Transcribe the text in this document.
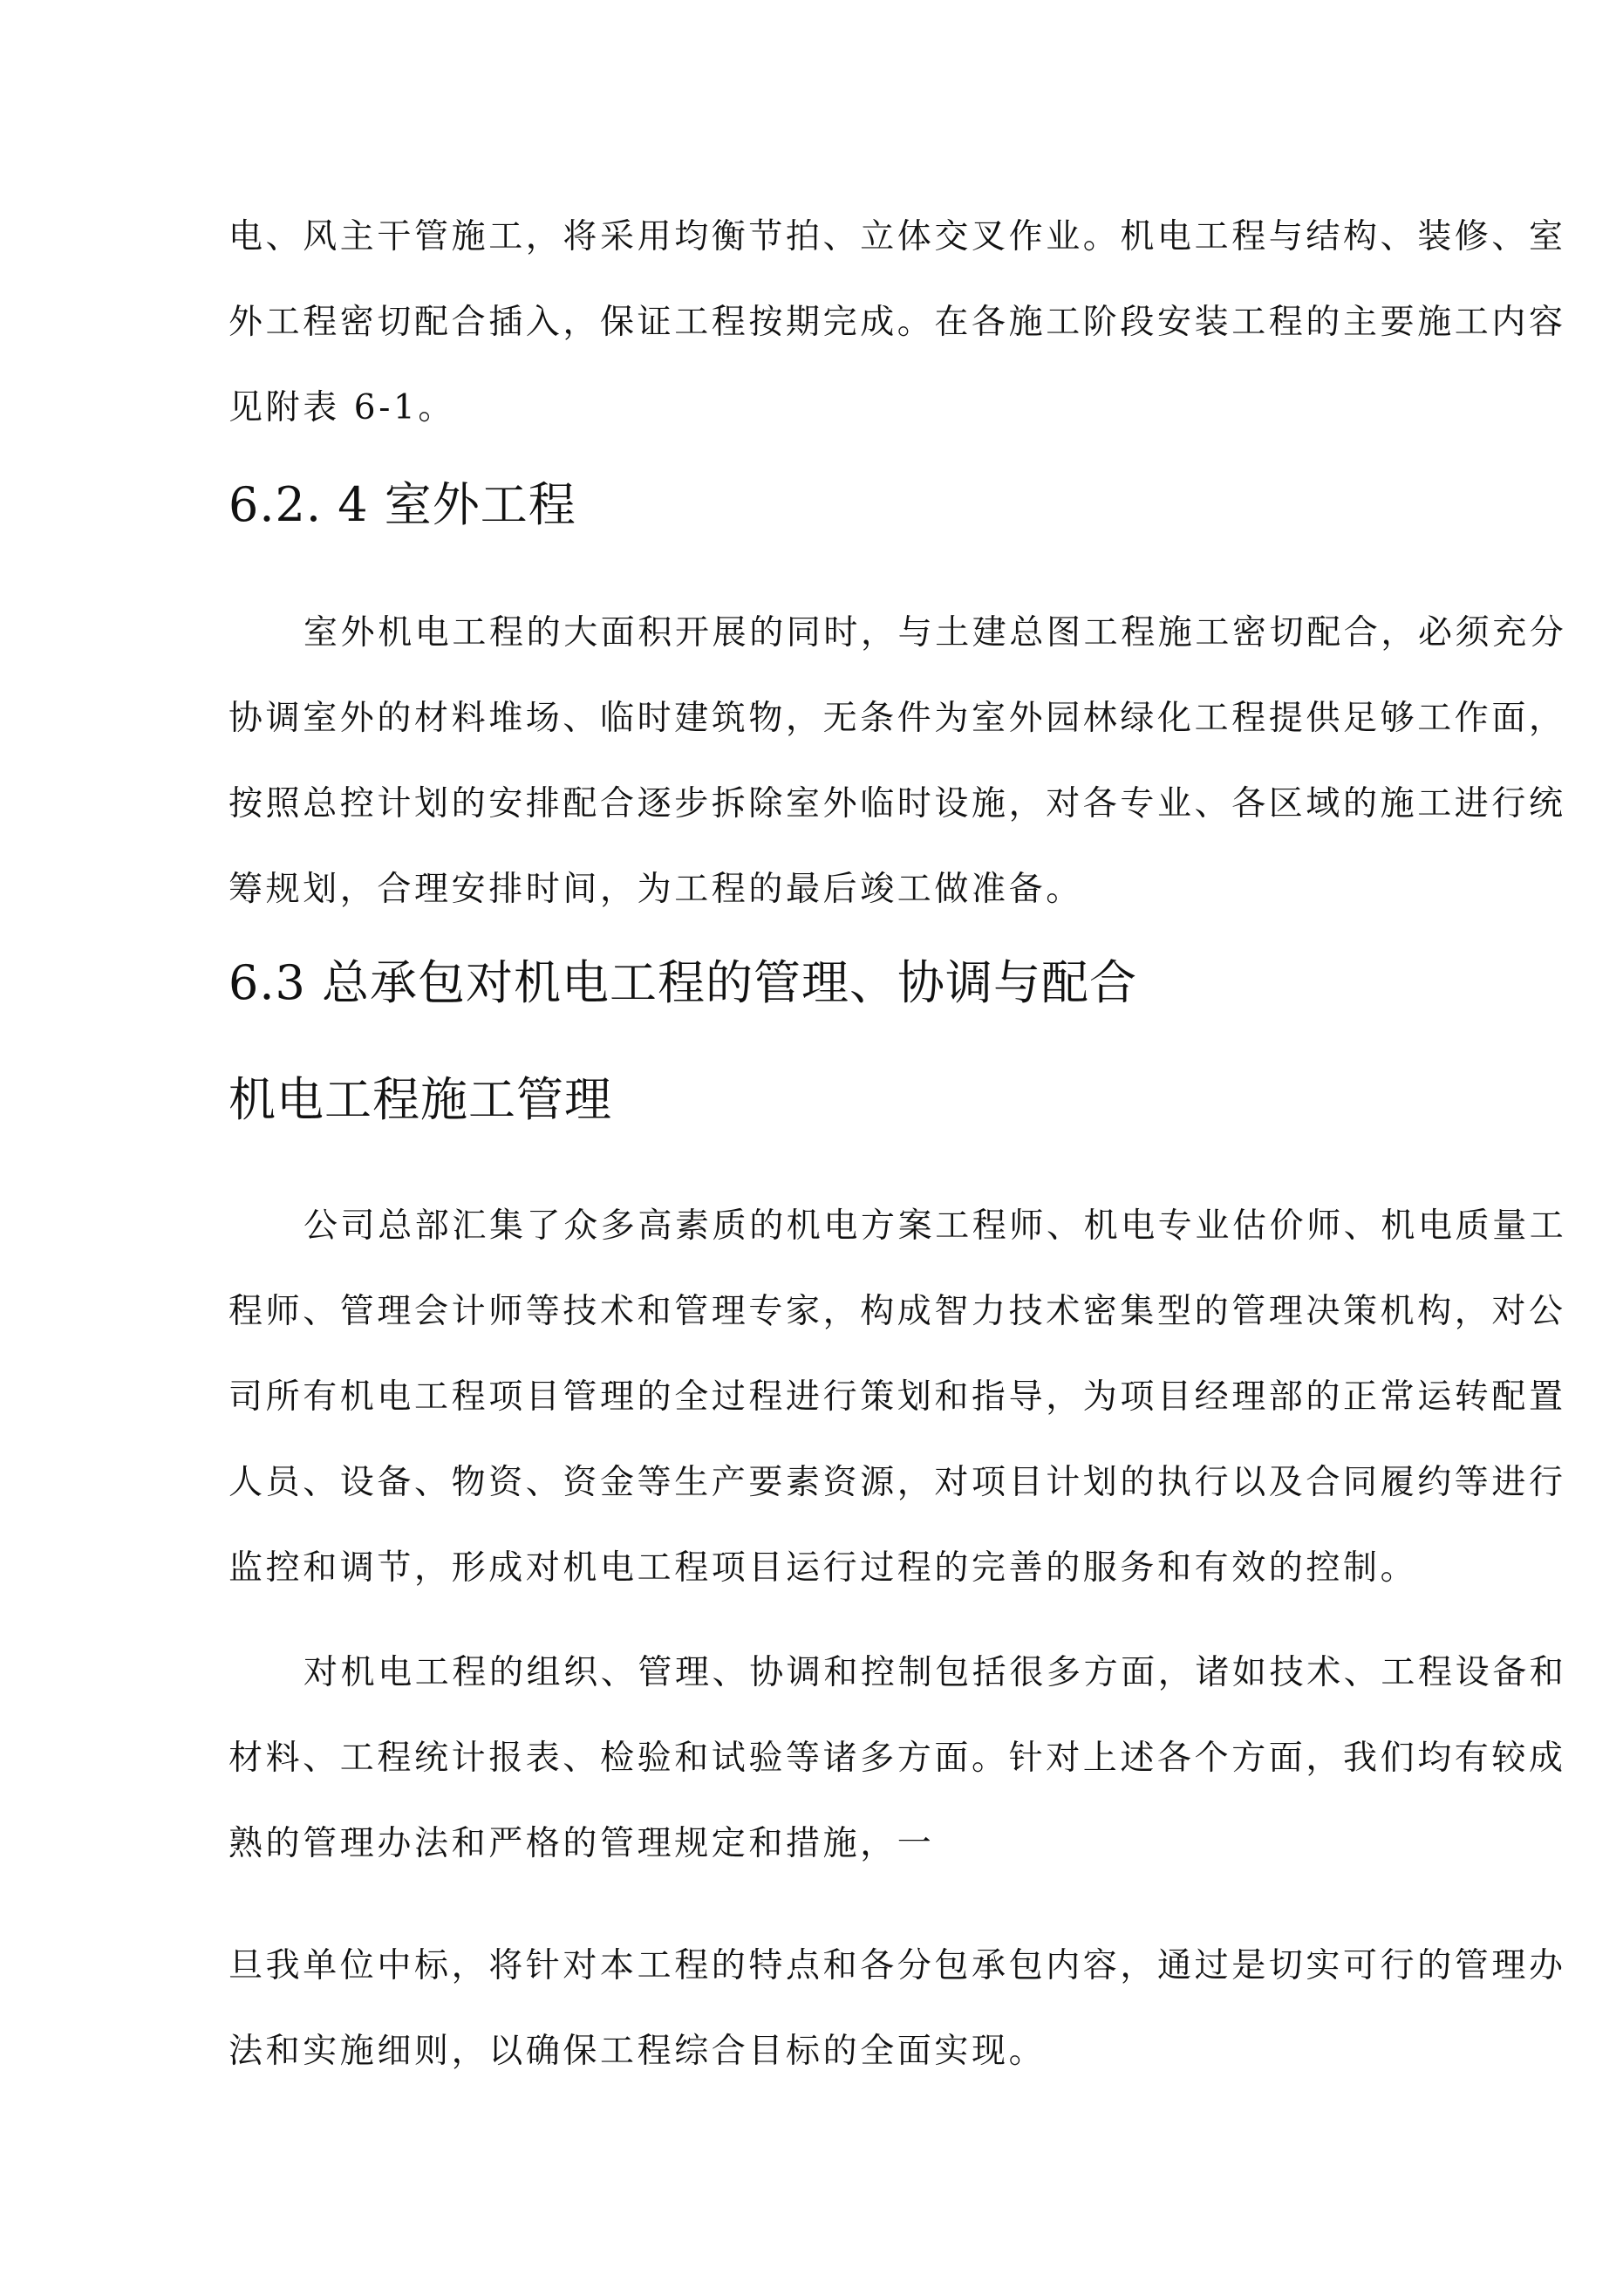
电、风主干管施工，将采用均衡节拍、立体交叉作业。机电工程与结构、装修、室
外工程密切配合插入，保证工程按期完成。在各施工阶段安装工程的主要施工内容
见附表 6-1。
6.2. 4 室外工程
室外机电工程的大面积开展的同时，与土建总图工程施工密切配合，必须充分
协调室外的材料堆场、临时建筑物，无条件为室外园林绿化工程提供足够工作面，
按照总控计划的安排配合逐步拆除室外临时设施，对各专业、各区域的施工进行统
筹规划，合理安排时间，为工程的最后竣工做准备。
6.3 总承包对机电工程的管理、协调与配合
机电工程施工管理
公司总部汇集了众多高素质的机电方案工程师、机电专业估价师、机电质量工
程师、管理会计师等技术和管理专家，构成智力技术密集型的管理决策机构，对公
司所有机电工程项目管理的全过程进行策划和指导，为项目经理部的正常运转配置
人员、设备、物资、资金等生产要素资源，对项目计划的执行以及合同履约等进行
监控和调节，形成对机电工程项目运行过程的完善的服务和有效的控制。
对机电工程的组织、管理、协调和控制包括很多方面，诸如技术、工程设备和
材料、工程统计报表、检验和试验等诸多方面。针对上述各个方面，我们均有较成
熟的管理办法和严格的管理规定和措施，一
旦我单位中标，将针对本工程的特点和各分包承包内容，通过是切实可行的管理办
法和实施细则，以确保工程综合目标的全面实现。
